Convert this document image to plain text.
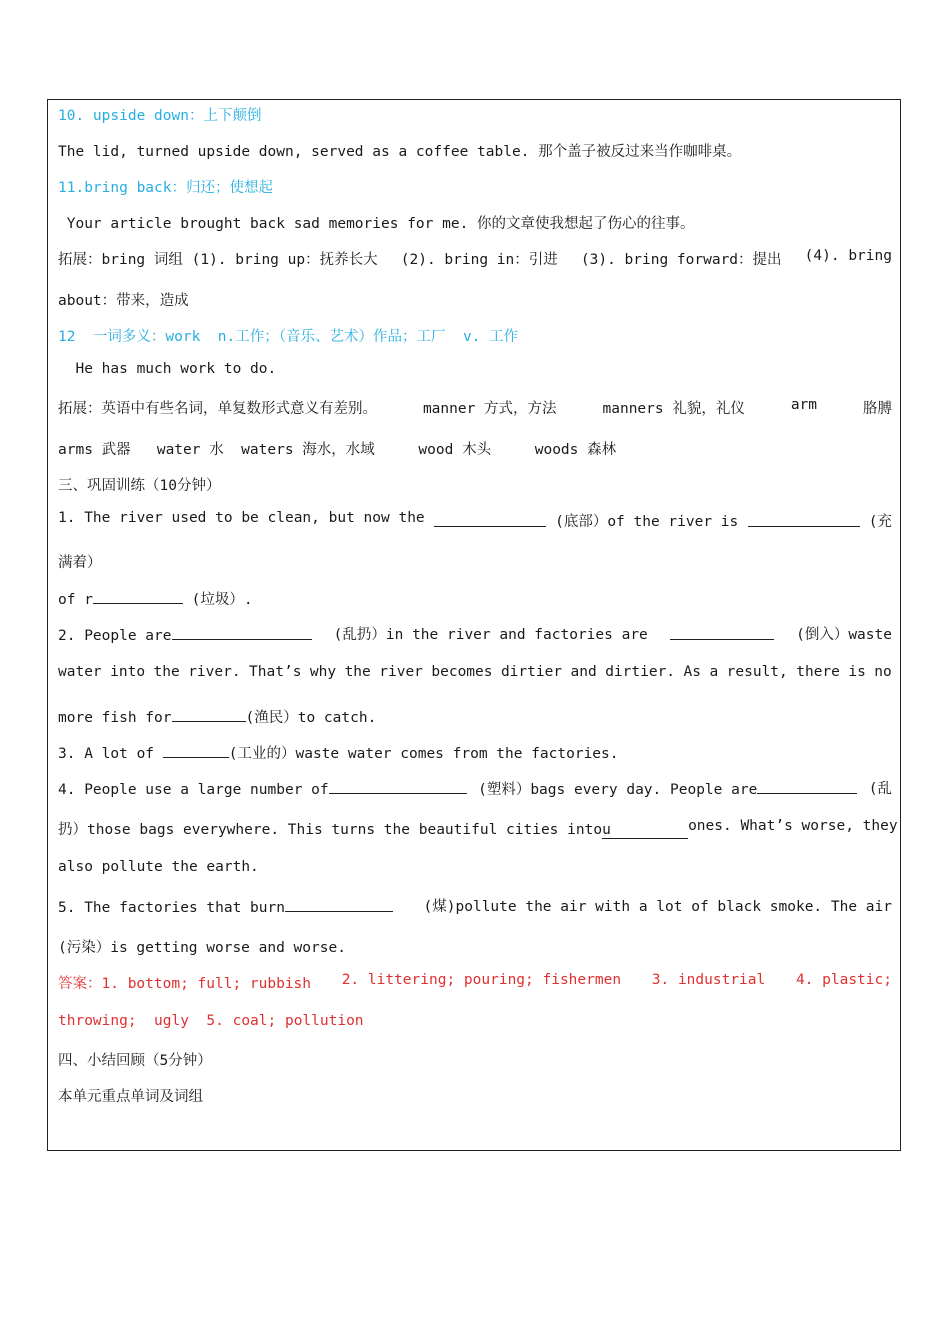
10. upside down：上下颠倒
The lid, turned upside down, served as a coffee table. 那个盖子被反过来当作咖啡桌。
11.bring back：归还；使想起
Your article brought back sad memories for me. 你的文章使我想起了伤心的往事。
拓展：bring 词组 (1). bring up：抚养长大 (2). bring in：引进 (3). bring forward：提出 (4). bring
about：带来，造成
12  一词多义：work  n.工作；（音乐、艺术）作品；工厂  v. 工作
He has much work to do.
拓展：英语中有些名词，单复数形式意义有差别。	manner 方式，方法	manners 礼貌，礼仪	arm	胳膊
arms 武器   water 水  waters 海水，水域     wood 木头     woods 森林
三、巩固训练（10分钟）
1. The river used to be clean, but now the	(底部）of the river is	(充
满着）
of r	(垃圾）.
2. People are	(乱扔）in the river and factories are	(倒入）waste
water into the river. That’s why the river becomes dirtier and dirtier. As a result, there is no
more fish for	(渔民）to catch.
3. A lot of	(工业的）waste water comes from the factories.
4. People use a large number of	(塑料）bags every day. People are	(乱
扔）those bags everywhere. This turns the beautiful cities intou	ones. What’s worse, they
also pollute the earth.
5. The factories that burn	(煤)pollute the air with a lot of black smoke. The air
(污染）is getting worse and worse.
答案：1. bottom; full; rubbish 2. littering; pouring; fishermen 3. industrial 4. plastic;
throwing;  ugly  5. coal; pollution
四、小结回顾（5分钟）
本单元重点单词及词组
